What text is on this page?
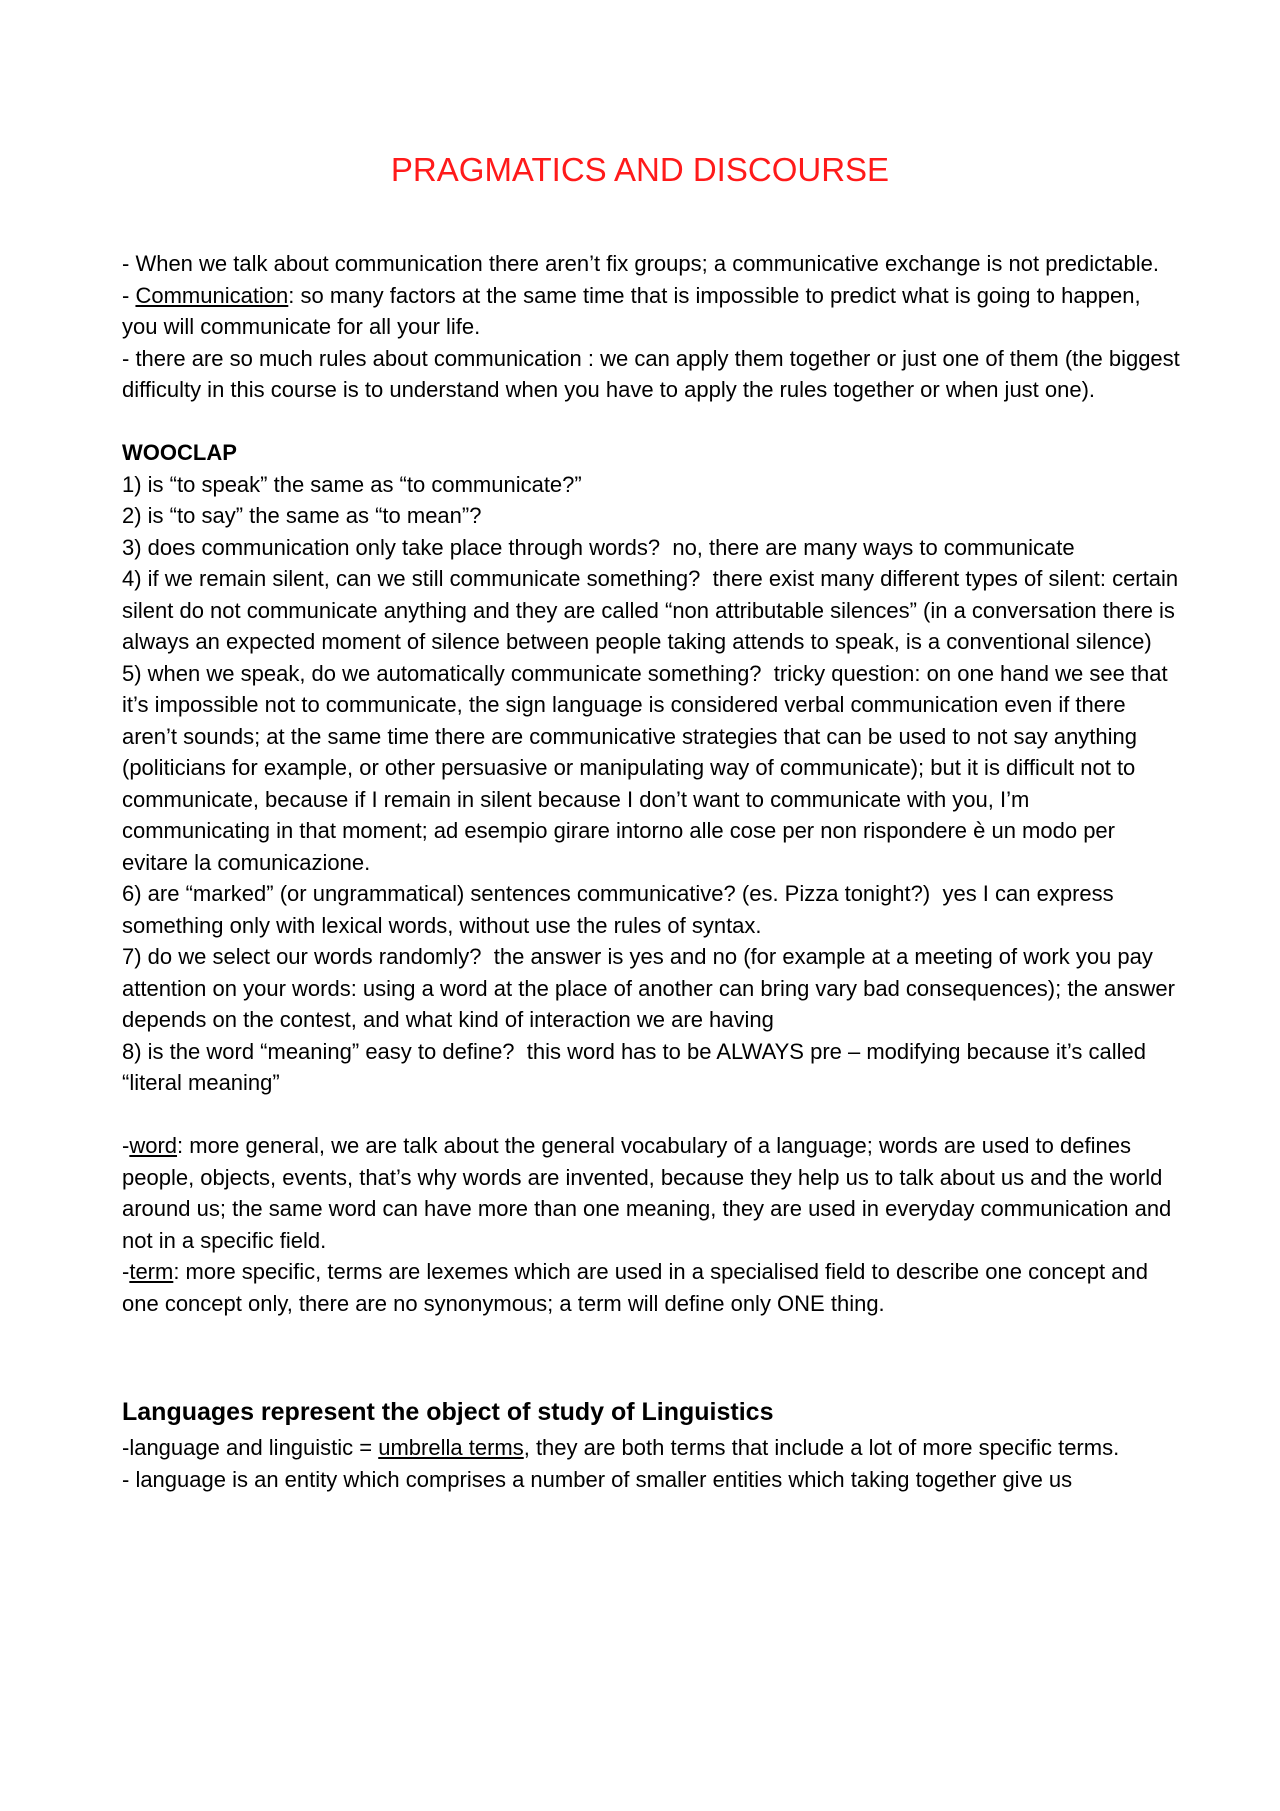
PRAGMATICS AND DISCOURSE

- When we talk about communication there aren’t fix groups; a communicative exchange is not predictable.

- Communication: so many factors at the same time that is impossible to predict what is going to happen, you will communicate for all your life.

- there are so much rules about communication : we can apply them together or just one of them (the biggest difficulty in this course is to understand when you have to apply the rules together or when just one).

WOOCLAP

1) is “to speak” the same as “to communicate?”

2) is “to say” the same as “to mean”?

3) does communication only take place through words? no, there are many ways to communicate

4) if we remain silent, can we still communicate something? there exist many different types of silent: certain silent do not communicate anything and they are called “non attributable silences” (in a conversation there is always an expected moment of silence between people taking attends to speak, is a conventional silence)

5) when we speak, do we automatically communicate something? tricky question: on one hand we see that it’s impossible not to communicate, the sign language is considered verbal communication even if there aren’t sounds; at the same time there are communicative strategies that can be used to not say anything (politicians for example, or other persuasive or manipulating way of communicate); but it is difficult not to communicate, because if I remain in silent because I don’t want to communicate with you, I’m communicating in that moment; ad esempio girare intorno alle cose per non rispondere è un modo per evitare la comunicazione.

6) are “marked” (or ungrammatical) sentences communicative? (es. Pizza tonight?) yes I can express something only with lexical words, without use the rules of syntax.

7) do we select our words randomly? the answer is yes and no (for example at a meeting of work you pay attention on your words: using a word at the place of another can bring vary bad consequences); the answer depends on the contest, and what kind of interaction we are having

8) is the word “meaning” easy to define? this word has to be ALWAYS pre – modifying because it’s called “literal meaning”

-word: more general, we are talk about the general vocabulary of a language; words are used to defines people, objects, events, that’s why words are invented, because they help us to talk about us and the world around us; the same word can have more than one meaning, they are used in everyday communication and not in a specific field.

-term: more specific, terms are lexemes which are used in a specialised field to describe one concept and one concept only, there are no synonymous; a term will define only ONE thing.

Languages represent the object of study of Linguistics

-language and linguistic = umbrella terms, they are both terms that include a lot of more specific terms.

- language is an entity which comprises a number of smaller entities which taking together give us
